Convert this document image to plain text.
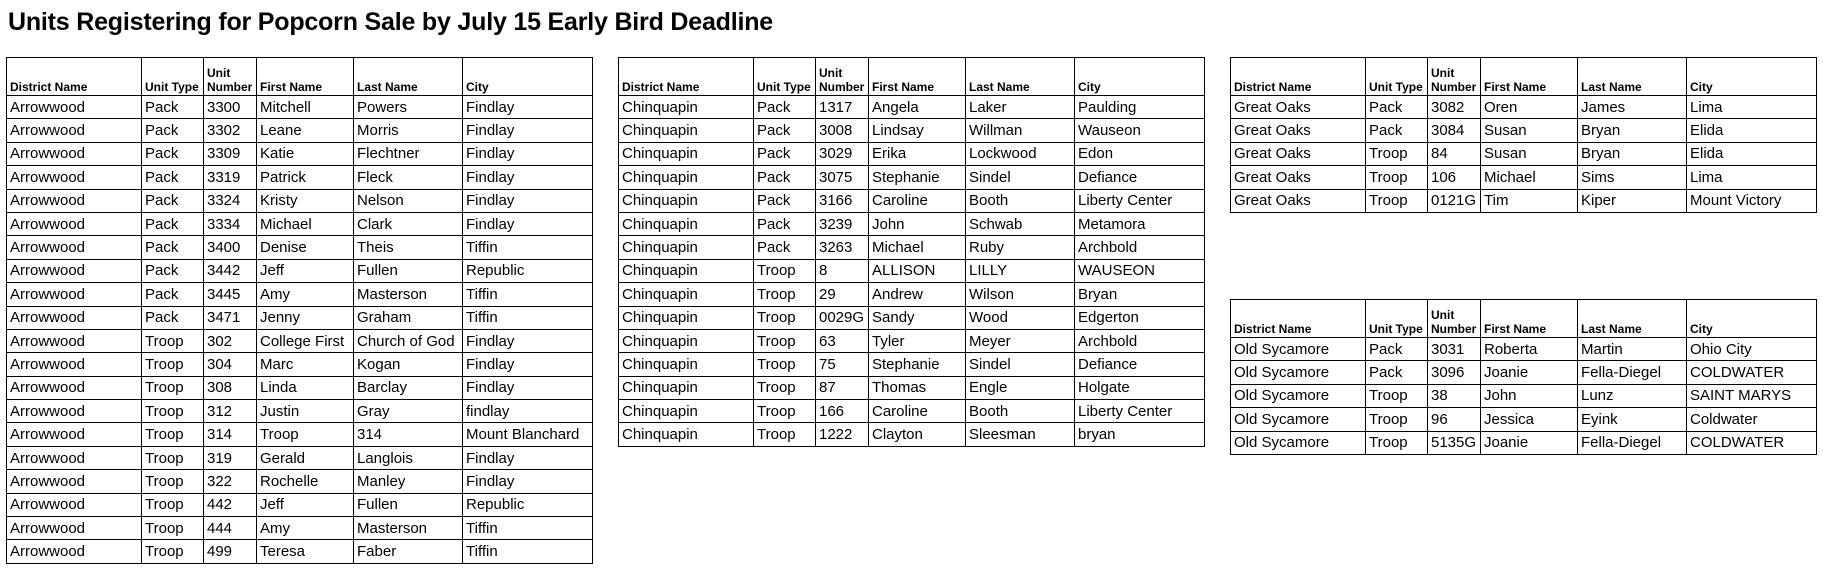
Units Registering for Popcorn Sale by July 15 Early Bird Deadline
District Name	Unit Type	Unit
Number	First Name	Last Name	City
Arrowwood	Pack	3300	Mitchell	Powers	Findlay
Arrowwood	Pack	3302	Leane	Morris	Findlay
Arrowwood	Pack	3309	Katie	Flechtner	Findlay
Arrowwood	Pack	3319	Patrick	Fleck	Findlay
Arrowwood	Pack	3324	Kristy	Nelson	Findlay
Arrowwood	Pack	3334	Michael	Clark	Findlay
Arrowwood	Pack	3400	Denise	Theis	Tiffin
Arrowwood	Pack	3442	Jeff	Fullen	Republic
Arrowwood	Pack	3445	Amy	Masterson	Tiffin
Arrowwood	Pack	3471	Jenny	Graham	Tiffin
Arrowwood	Troop	302	College First	Church of God	Findlay
Arrowwood	Troop	304	Marc	Kogan	Findlay
Arrowwood	Troop	308	Linda	Barclay	Findlay
Arrowwood	Troop	312	Justin	Gray	findlay
Arrowwood	Troop	314	Troop	314	Mount Blanchard
Arrowwood	Troop	319	Gerald	Langlois	Findlay
Arrowwood	Troop	322	Rochelle	Manley	Findlay
Arrowwood	Troop	442	Jeff	Fullen	Republic
Arrowwood	Troop	444	Amy	Masterson	Tiffin
Arrowwood	Troop	499	Teresa	Faber	Tiffin
District Name	Unit Type	Unit
Number	First Name	Last Name	City
Chinquapin	Pack	1317	Angela	Laker	Paulding
Chinquapin	Pack	3008	Lindsay	Willman	Wauseon
Chinquapin	Pack	3029	Erika	Lockwood	Edon
Chinquapin	Pack	3075	Stephanie	Sindel	Defiance
Chinquapin	Pack	3166	Caroline	Booth	Liberty Center
Chinquapin	Pack	3239	John	Schwab	Metamora
Chinquapin	Pack	3263	Michael	Ruby	Archbold
Chinquapin	Troop	8	ALLISON	LILLY	WAUSEON
Chinquapin	Troop	29	Andrew	Wilson	Bryan
Chinquapin	Troop	0029G	Sandy	Wood	Edgerton
Chinquapin	Troop	63	Tyler	Meyer	Archbold
Chinquapin	Troop	75	Stephanie	Sindel	Defiance
Chinquapin	Troop	87	Thomas	Engle	Holgate
Chinquapin	Troop	166	Caroline	Booth	Liberty Center
Chinquapin	Troop	1222	Clayton	Sleesman	bryan
District Name	Unit Type	Unit
Number	First Name	Last Name	City
Great Oaks	Pack	3082	Oren	James	Lima
Great Oaks	Pack	3084	Susan	Bryan	Elida
Great Oaks	Troop	84	Susan	Bryan	Elida
Great Oaks	Troop	106	Michael	Sims	Lima
Great Oaks	Troop	0121G	Tim	Kiper	Mount Victory
District Name	Unit Type	Unit
Number	First Name	Last Name	City
Old Sycamore	Pack	3031	Roberta	Martin	Ohio City
Old Sycamore	Pack	3096	Joanie	Fella-Diegel	COLDWATER
Old Sycamore	Troop	38	John	Lunz	SAINT MARYS
Old Sycamore	Troop	96	Jessica	Eyink	Coldwater
Old Sycamore	Troop	5135G	Joanie	Fella-Diegel	COLDWATER
